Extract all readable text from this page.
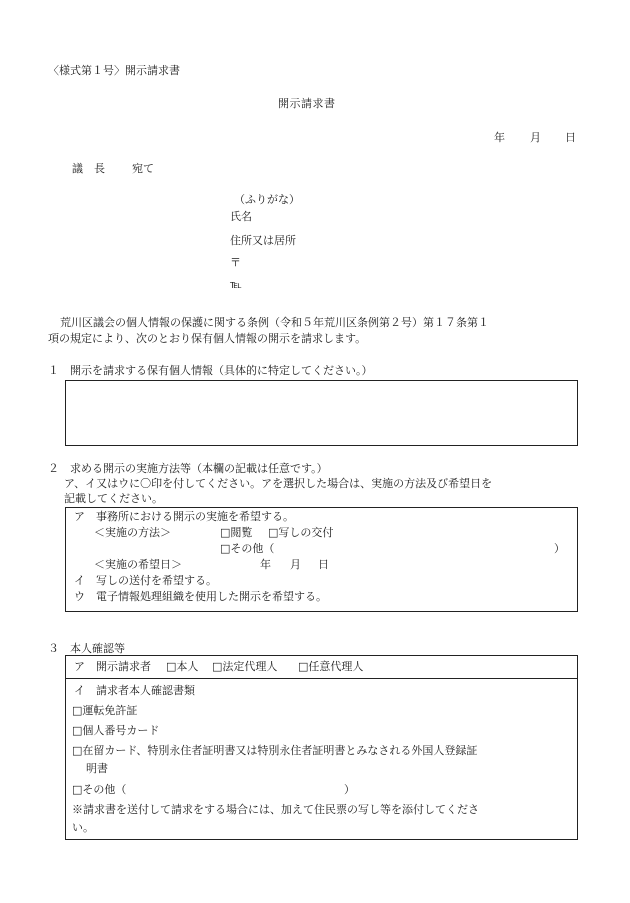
〈様式第１号〉開示請求書
開示請求書
年 月 日
議　長 宛て
（ふりがな）
氏名
住所又は居所
〒
℡
荒川区議会の個人情報の保護に関する条例（令和５年荒川区条例第２号）第１７条第１
項の規定により、次のとおり保有個人情報の開示を請求します。
１　開示を請求する保有個人情報（具体的に特定してください。）
２　求める開示の実施方法等（本欄の記載は任意です。）
ア、イ又はウに〇印を付してください。アを選択した場合は、実施の方法及び希望日を
記載してください。
ア　事務所における開示の実施を希望する。
＜実施の方法＞	□閲覧 □写しの交付
□その他（	）
＜実施の希望日＞	年 月 日
イ　写しの送付を希望する。
ウ　電子情報処理組織を使用した開示を希望する。
３　本人確認等
ア　開示請求者 □本人 □法定代理人 □任意代理人
イ　請求者本人確認書類
□運転免許証
□個人番号カード
□在留カード、特別永住者証明書又は特別永住者証明書とみなされる外国人登録証
明書
□その他（	）
※請求書を送付して請求をする場合には、加えて住民票の写し等を添付してくださ
い。
